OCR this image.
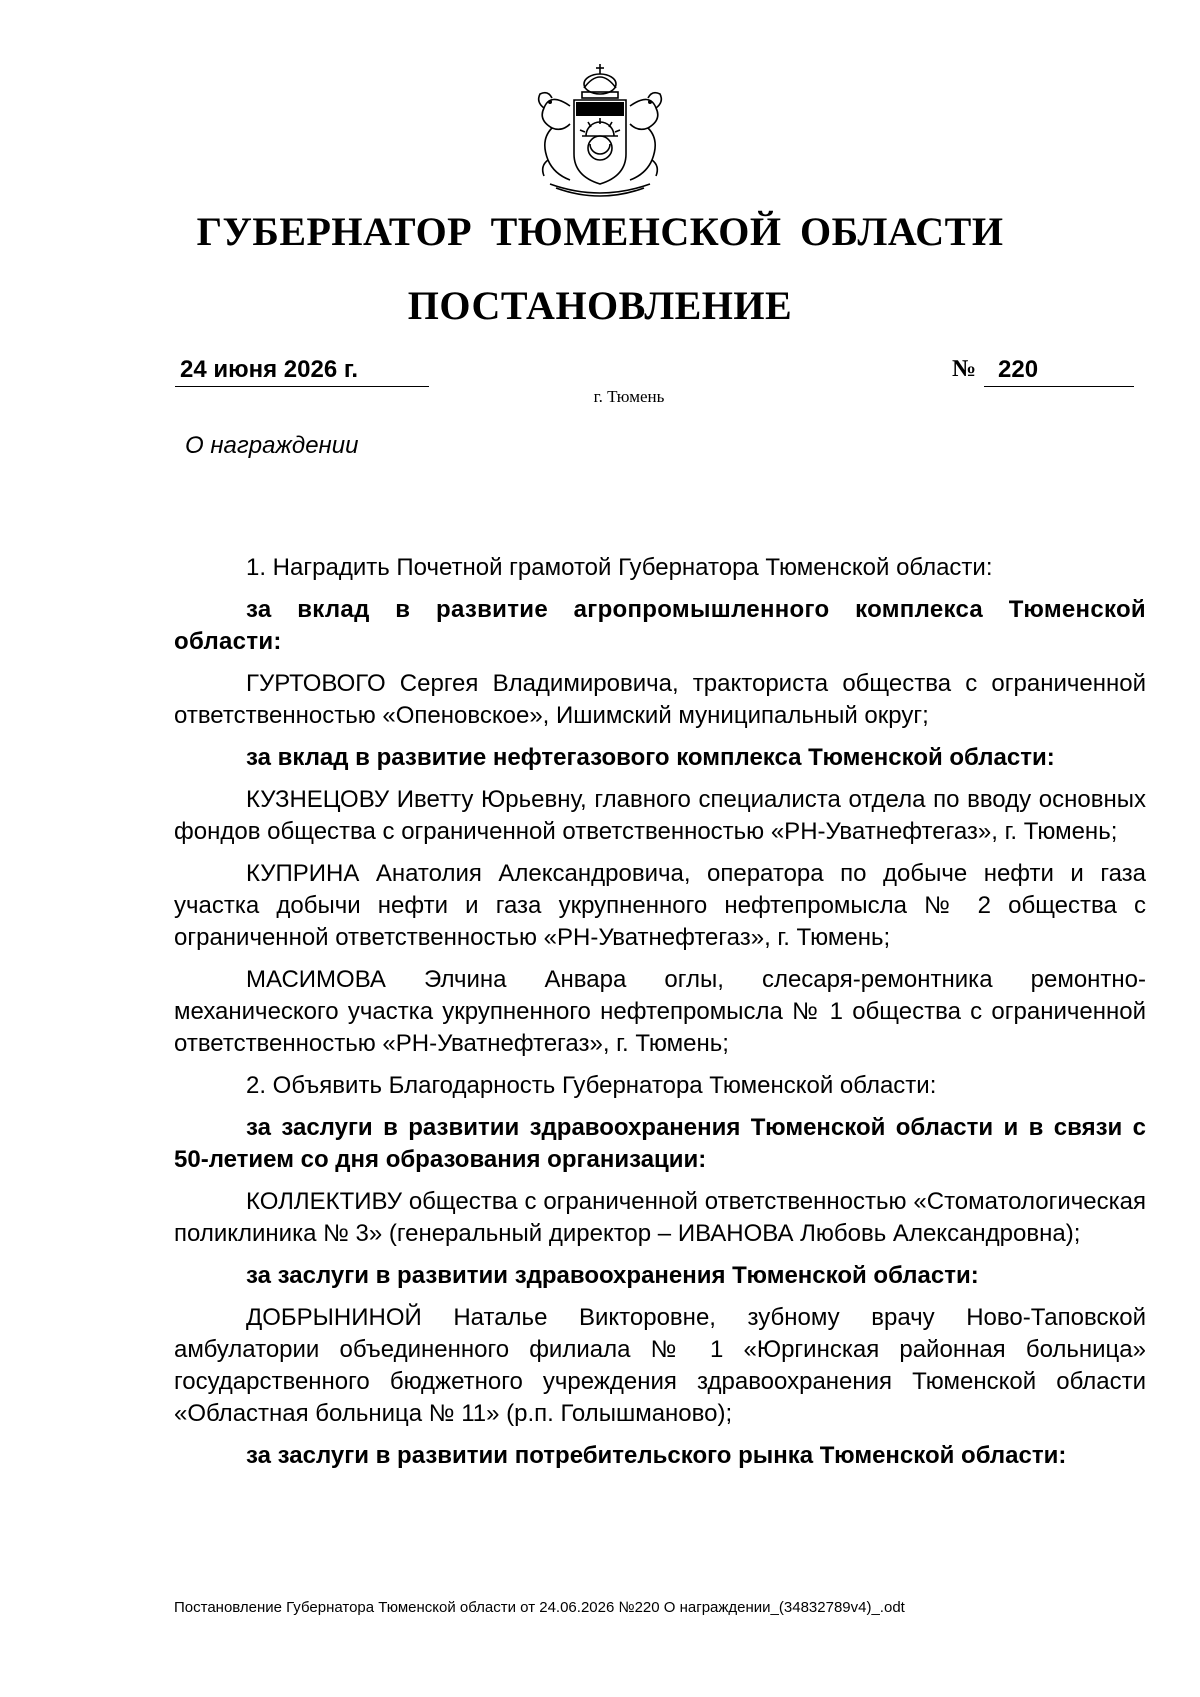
ГУБЕРНАТОР ТЮМЕНСКОЙ ОБЛАСТИ
ПОСТАНОВЛЕНИЕ
24 июня 2026 г.	№ 220
г. Тюмень
О награждении

1. Наградить Почетной грамотой Губернатора Тюменской области:

за вклад в развитие агропромышленного комплекса Тюменской области:

ГУРТОВОГО Сергея Владимировича, тракториста общества с ограниченной ответственностью «Опеновское», Ишимский муниципальный округ;

за вклад в развитие нефтегазового комплекса Тюменской области:

КУЗНЕЦОВУ Иветту Юрьевну, главного специалиста отдела по вводу основных фондов общества с ограниченной ответственностью «РН-Уватнефтегаз», г. Тюмень;

КУПРИНА Анатолия Александровича, оператора по добыче нефти и газа участка добычи нефти и газа укрупненного нефтепромысла № 2 общества с ограниченной ответственностью «РН-Уватнефтегаз», г. Тюмень;

МАСИМОВА Элчина Анвара оглы, слесаря-ремонтника ремонтно-механического участка укрупненного нефтепромысла № 1 общества с ограниченной ответственностью «РН-Уватнефтегаз», г. Тюмень;

2. Объявить Благодарность Губернатора Тюменской области:

за заслуги в развитии здравоохранения Тюменской области и в связи с 50-летием со дня образования организации:

КОЛЛЕКТИВУ общества с ограниченной ответственностью «Стоматологическая поликлиника № 3» (генеральный директор – ИВАНОВА Любовь Александровна);

за заслуги в развитии здравоохранения Тюменской области:

ДОБРЫНИНОЙ Наталье Викторовне, зубному врачу Ново-Таповской амбулатории объединенного филиала № 1 «Юргинская районная больница» государственного бюджетного учреждения здравоохранения Тюменской области «Областная больница № 11» (р.п. Голышманово);

за заслуги в развитии потребительского рынка Тюменской области:

Постановление Губернатора Тюменской области от 24.06.2026 №220 О награждении_(34832789v4)_.odt
